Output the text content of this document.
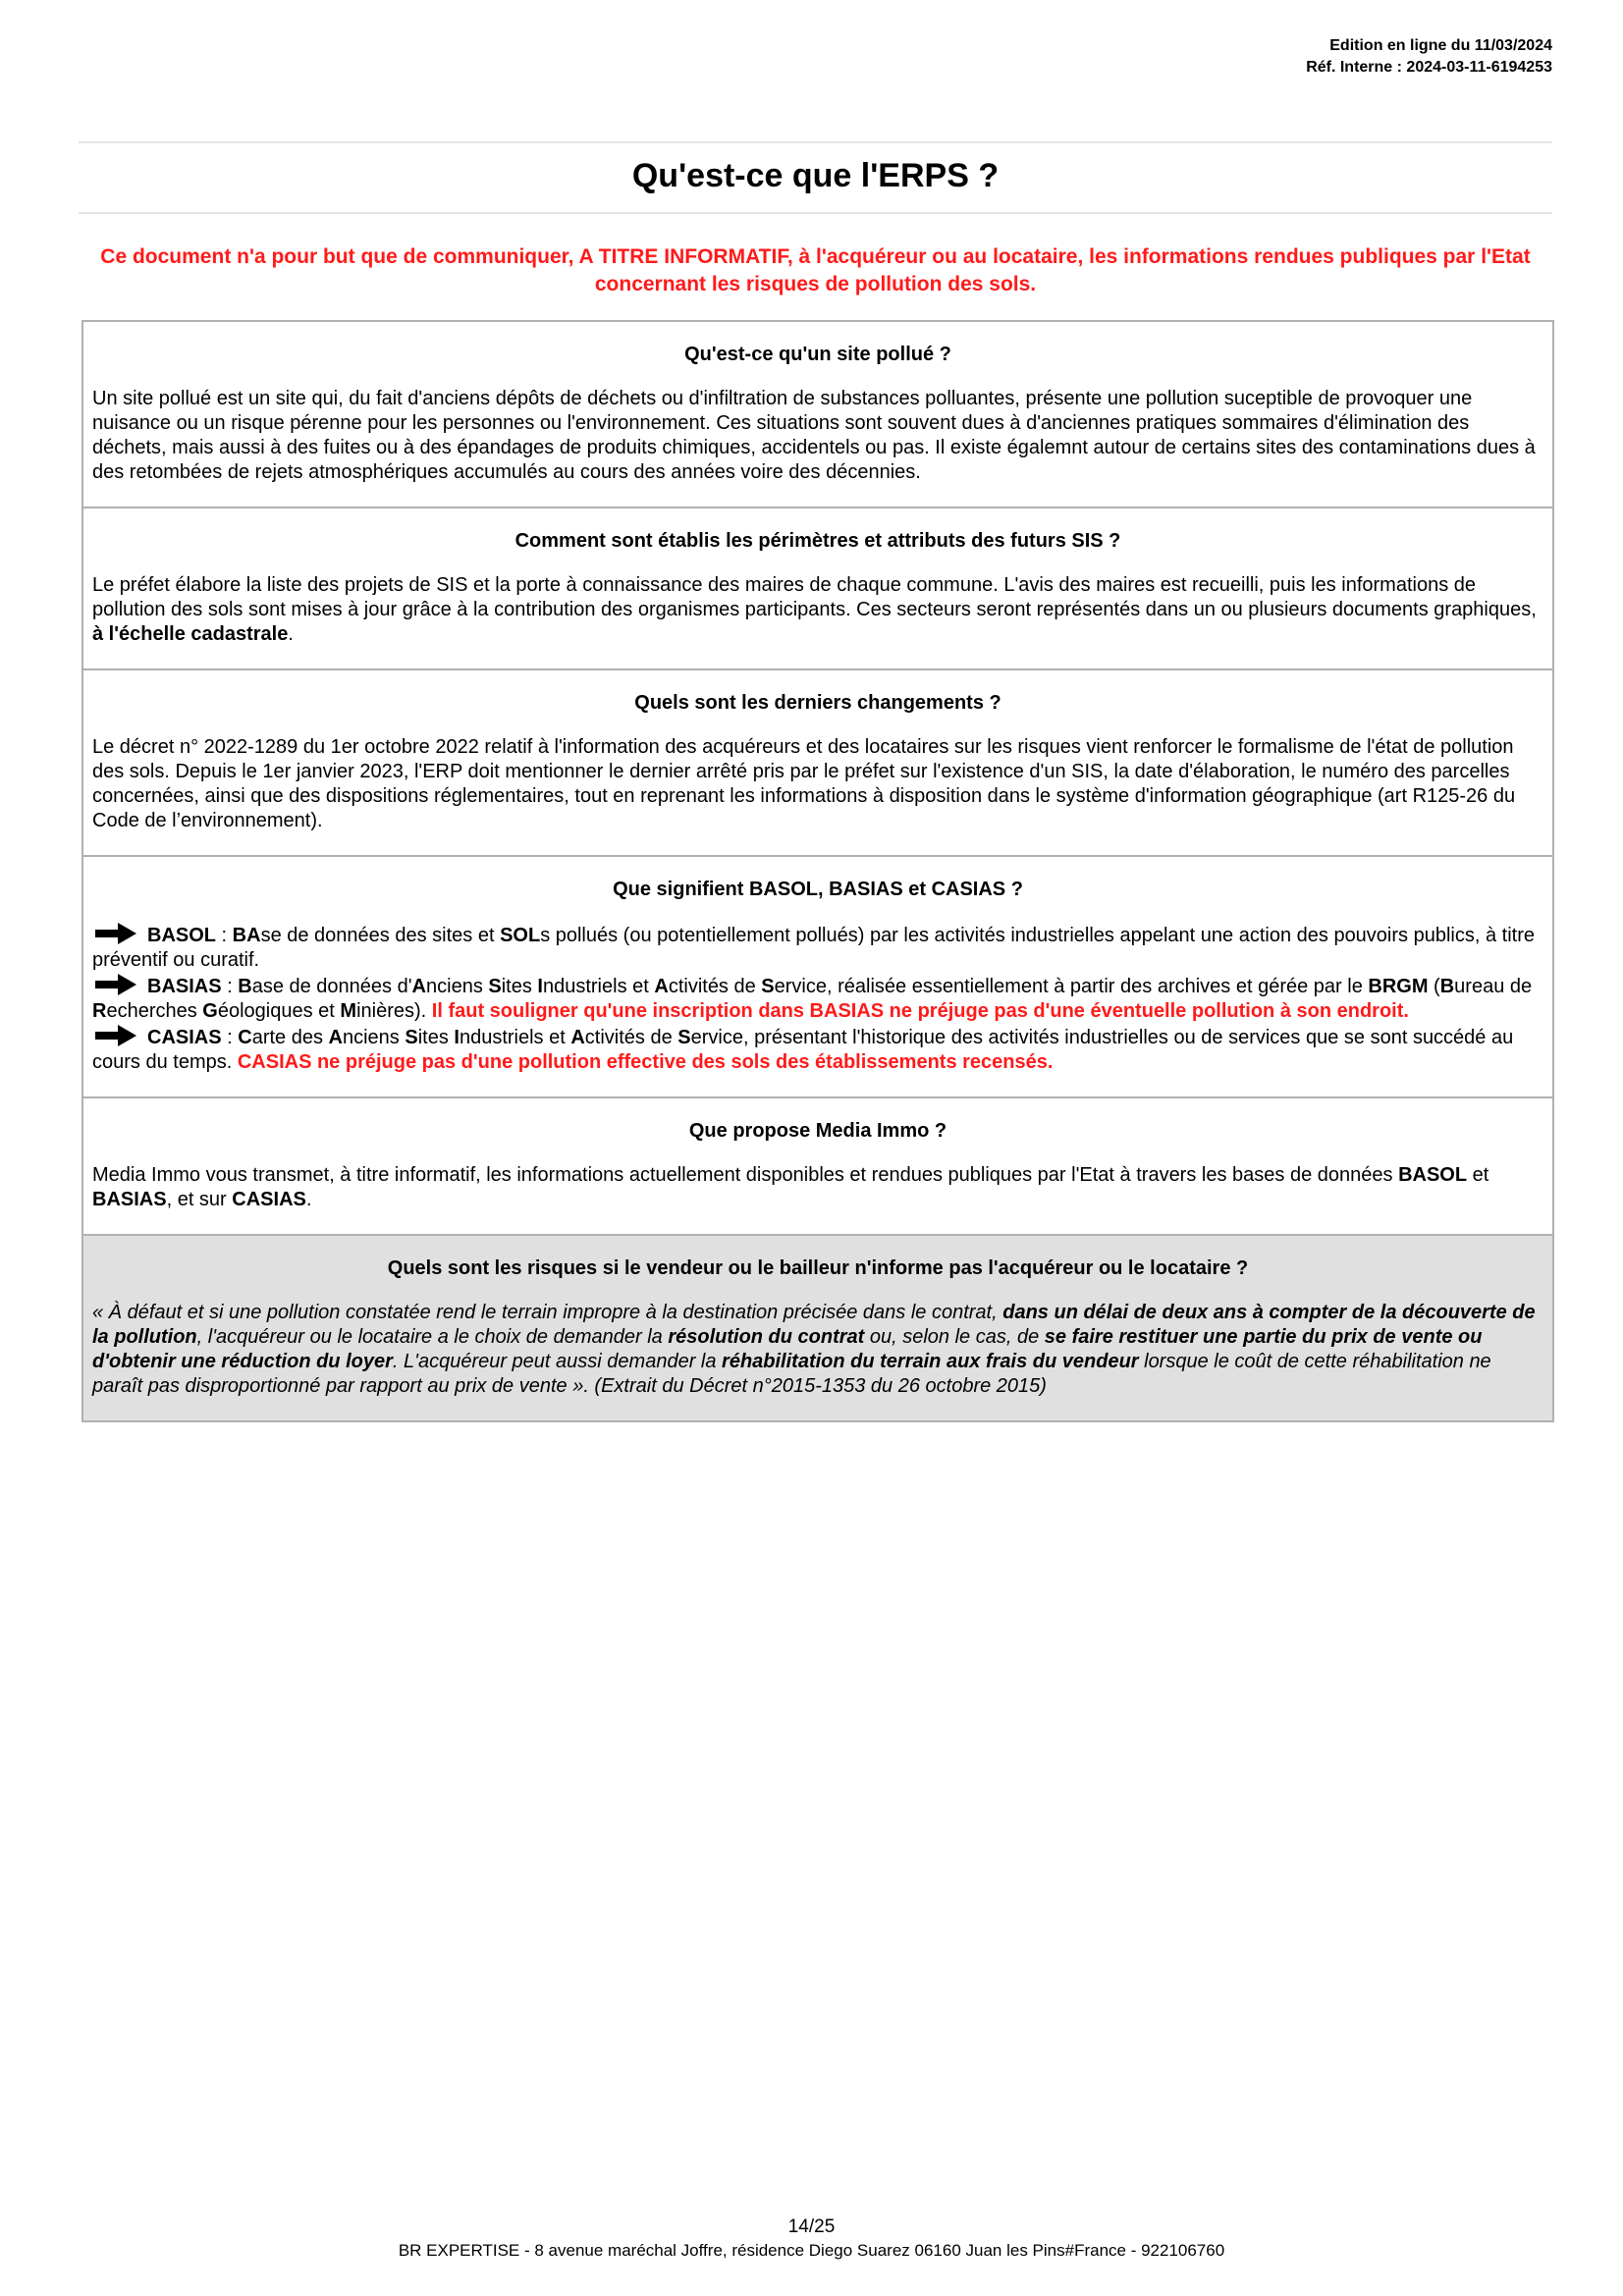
Edition en ligne du 11/03/2024
Réf. Interne : 2024-03-11-6194253
Qu'est-ce que l'ERPS ?

Ce document n'a pour but que de communiquer, A TITRE INFORMATIF, à l'acquéreur ou au locataire, les informations rendues publiques par l'Etat concernant les risques de pollution des sols.

Qu'est-ce qu'un site pollué ?

Un site pollué est un site qui, du fait d'anciens dépôts de déchets ou d'infiltration de substances polluantes, présente une pollution suceptible de provoquer une nuisance ou un risque pérenne pour les personnes ou l'environnement. Ces situations sont souvent dues à d'anciennes pratiques sommaires d'élimination des déchets, mais aussi à des fuites ou à des épandages de produits chimiques, accidentels ou pas. Il existe égalemnt autour de certains sites des contaminations dues à des retombées de rejets atmosphériques accumulés au cours des années voire des décennies.

Comment sont établis les périmètres et attributs des futurs SIS ?

Le préfet élabore la liste des projets de SIS et la porte à connaissance des maires de chaque commune. L'avis des maires est recueilli, puis les informations de pollution des sols sont mises à jour grâce à la contribution des organismes participants. Ces secteurs seront représentés dans un ou plusieurs documents graphiques, à l'échelle cadastrale.

Quels sont les derniers changements ?

Le décret n° 2022-1289 du 1er octobre 2022 relatif à l'information des acquéreurs et des locataires sur les risques vient renforcer le formalisme de l'état de pollution des sols. Depuis le 1er janvier 2023, l'ERP doit mentionner le dernier arrêté pris par le préfet sur l'existence d'un SIS, la date d'élaboration, le numéro des parcelles concernées, ainsi que des dispositions réglementaires, tout en reprenant les informations à disposition dans le système d'information géographique (art R125-26 du Code de l’environnement).

Que signifient BASOL, BASIAS et CASIAS ?

BASOL : BAse de données des sites et SOLs pollués (ou potentiellement pollués) par les activités industrielles appelant une action des pouvoirs publics, à titre préventif ou curatif.

BASIAS : Base de données d'Anciens Sites Industriels et Activités de Service, réalisée essentiellement à partir des archives et gérée par le BRGM (Bureau de Recherches Géologiques et Minières). Il faut souligner qu'une inscription dans BASIAS ne préjuge pas d'une éventuelle pollution à son endroit.

CASIAS : Carte des Anciens Sites Industriels et Activités de Service, présentant l'historique des activités industrielles ou de services que se sont succédé au cours du temps. CASIAS ne préjuge pas d'une pollution effective des sols des établissements recensés.

Que propose Media Immo ?

Media Immo vous transmet, à titre informatif, les informations actuellement disponibles et rendues publiques par l'Etat à travers les bases de données BASOL et BASIAS, et sur CASIAS.

Quels sont les risques si le vendeur ou le bailleur n'informe pas l'acquéreur ou le locataire ?

« À défaut et si une pollution constatée rend le terrain impropre à la destination précisée dans le contrat, dans un délai de deux ans à compter de la découverte de la pollution, l'acquéreur ou le locataire a le choix de demander la résolution du contrat ou, selon le cas, de se faire restituer une partie du prix de vente ou d'obtenir une réduction du loyer. L'acquéreur peut aussi demander la réhabilitation du terrain aux frais du vendeur lorsque le coût de cette réhabilitation ne paraît pas disproportionné par rapport au prix de vente ». (Extrait du Décret n°2015-1353 du 26 octobre 2015)

14/25
BR EXPERTISE - 8 avenue maréchal Joffre, résidence Diego Suarez 06160 Juan les Pins#France - 922106760
